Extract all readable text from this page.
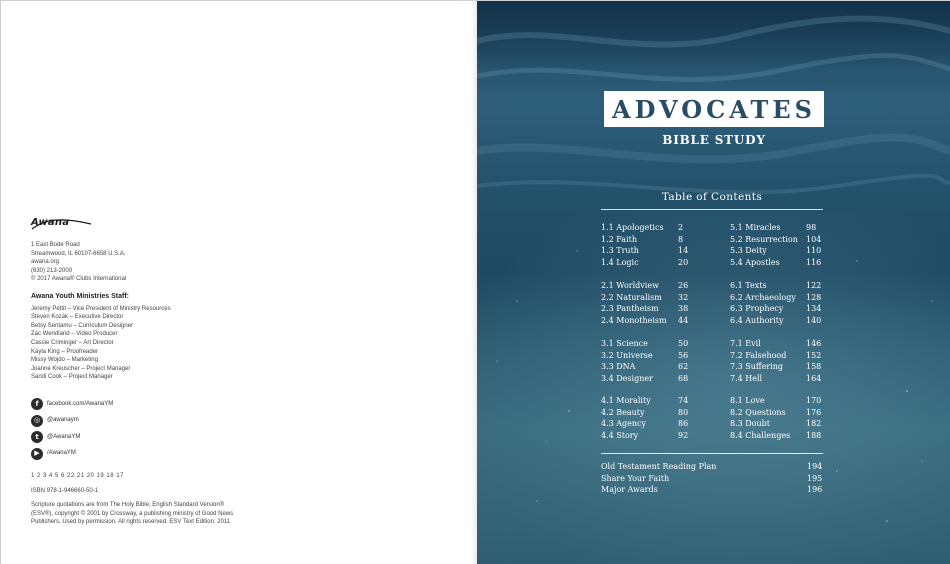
Awana
1 East Bode Road
Streamwood, IL 60107-6658 U.S.A.
awana.org
(630) 213-2000
© 2017 Awana® Clubs International
Awana Youth Ministries Staff:
Jeremy Pettit – Vice President of Ministry Resources
Steven Kozak – Executive Director
Betsy Sentamu – Curriculum Designer
Zac Wendland – Video Producer
Cassie Criminger – Art Director
Kayla King – Proofreader
Missy Wojdo – Marketing
Joanne Kreuscher – Project Manager
Sandi Cook – Project Manager
f	facebook.com/AwanaYM
◎	@awanaym
t	@AwanaYM
▶	/AwanaYM
1 2 3 4 5 6 22 21 20 19 18 17
ISBN 978-1-946660-50-1
Scripture quotations are from The Holy Bible, English Standard Version® (ESV®), copyright © 2001 by Crossway, a publishing ministry of Good News Publishers. Used by permission. All rights reserved. ESV Text Edition: 2011
ADVOCATES
BIBLE STUDY
Table of Contents
1.1 Apologetics 2
1.2 Faith	8
1.3 Truth	14
1.4 Logic	20
2.1 Worldview 26
2.2 Naturalism 32
2.3 Pantheism 38
2.4 Monotheism 44
3.1 Science	50
3.2 Universe	56
3.3 DNA	62
3.4 Designer	68
4.1 Morality	74
4.2 Beauty	80
4.3 Agency	86
4.4 Story	92
5.1 Miracles	98
5.2 Resurrection 104
5.3 Deity	110
5.4 Apostles	116
6.1 Texts	122
6.2 Archaeology 128
6.3 Prophecy	134
6.4 Authority	140
7.1 Evil	146
7.2 Falsehood 152
7.3 Suffering	158
7.4 Hell	164
8.1 Love	170
8.2 Questions	176
8.3 Doubt	182
8.4 Challenges 188
Old Testament Reading Plan	194
Share Your Faith	195
Major Awards	196
